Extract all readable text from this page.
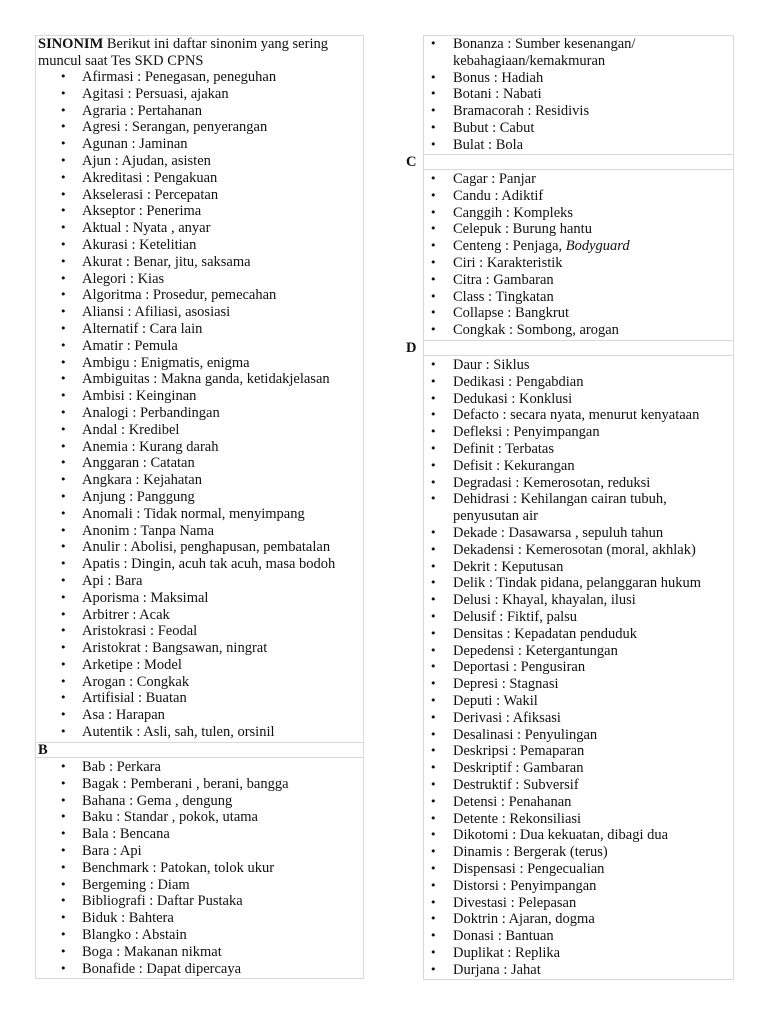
SINONIM Berikut ini daftar sinonim yang sering muncul saat Tes SKD CPNS
• Afirmasi : Penegasan, peneguhan
• Agitasi : Persuasi, ajakan
• Agraria : Pertahanan
• Agresi : Serangan, penyerangan
• Agunan : Jaminan
• Ajun : Ajudan, asisten
• Akreditasi : Pengakuan
• Akselerasi : Percepatan
• Akseptor : Penerima
• Aktual : Nyata , anyar
• Akurasi : Ketelitian
• Akurat : Benar, jitu, saksama
• Alegori : Kias
• Algoritma : Prosedur, pemecahan
• Aliansi : Afiliasi, asosiasi
• Alternatif : Cara lain
• Amatir : Pemula
• Ambigu : Enigmatis, enigma
• Ambiguitas : Makna ganda, ketidakjelasan
• Ambisi : Keinginan
• Analogi : Perbandingan
• Andal : Kredibel
• Anemia : Kurang darah
• Anggaran : Catatan
• Angkara : Kejahatan
• Anjung : Panggung
• Anomali : Tidak normal, menyimpang
• Anonim : Tanpa Nama
• Anulir : Abolisi, penghapusan, pembatalan
• Apatis : Dingin, acuh tak acuh, masa bodoh
• Api : Bara
• Aporisma : Maksimal
• Arbitrer : Acak
• Aristokrasi : Feodal
• Aristokrat : Bangsawan, ningrat
• Arketipe : Model
• Arogan : Congkak
• Artifisial : Buatan
• Asa : Harapan
• Autentik : Asli, sah, tulen, orsinil
B
• Bab : Perkara
• Bagak : Pemberani , berani, bangga
• Bahana : Gema , dengung
• Baku : Standar , pokok, utama
• Bala : Bencana
• Bara : Api
• Benchmark : Patokan, tolok ukur
• Bergeming : Diam
• Bibliografi : Daftar Pustaka
• Biduk : Bahtera
• Blangko : Abstain
• Boga : Makanan nikmat
• Bonafide : Dapat dipercaya
• Bonanza : Sumber kesenangan/ kebahagiaan/kemakmuran
• Bonus : Hadiah
• Botani : Nabati
• Bramacorah : Residivis
• Bubut : Cabut
• Bulat : Bola
C
• Cagar : Panjar
• Candu : Adiktif
• Canggih : Kompleks
• Celepuk : Burung hantu
• Centeng : Penjaga, Bodyguard
• Ciri : Karakteristik
• Citra : Gambaran
• Class : Tingkatan
• Collapse : Bangkrut
• Congkak : Sombong, arogan
D
• Daur : Siklus
• Dedikasi : Pengabdian
• Dedukasi : Konklusi
• Defacto : secara nyata, menurut kenyataan
• Defleksi : Penyimpangan
• Definit : Terbatas
• Defisit : Kekurangan
• Degradasi : Kemerosotan, reduksi
• Dehidrasi : Kehilangan cairan tubuh, penyusutan air
• Dekade : Dasawarsa , sepuluh tahun
• Dekadensi : Kemerosotan (moral, akhlak)
• Dekrit : Keputusan
• Delik : Tindak pidana, pelanggaran hukum
• Delusi : Khayal, khayalan, ilusi
• Delusif : Fiktif, palsu
• Densitas : Kepadatan penduduk
• Depedensi : Ketergantungan
• Deportasi : Pengusiran
• Depresi : Stagnasi
• Deputi : Wakil
• Derivasi : Afiksasi
• Desalinasi : Penyulingan
• Deskripsi : Pemaparan
• Deskriptif : Gambaran
• Destruktif : Subversif
• Detensi : Penahanan
• Detente : Rekonsiliasi
• Dikotomi : Dua kekuatan, dibagi dua
• Dinamis : Bergerak (terus)
• Dispensasi : Pengecualian
• Distorsi : Penyimpangan
• Divestasi : Pelepasan
• Doktrin : Ajaran, dogma
• Donasi : Bantuan
• Duplikat : Replika
• Durjana : Jahat
